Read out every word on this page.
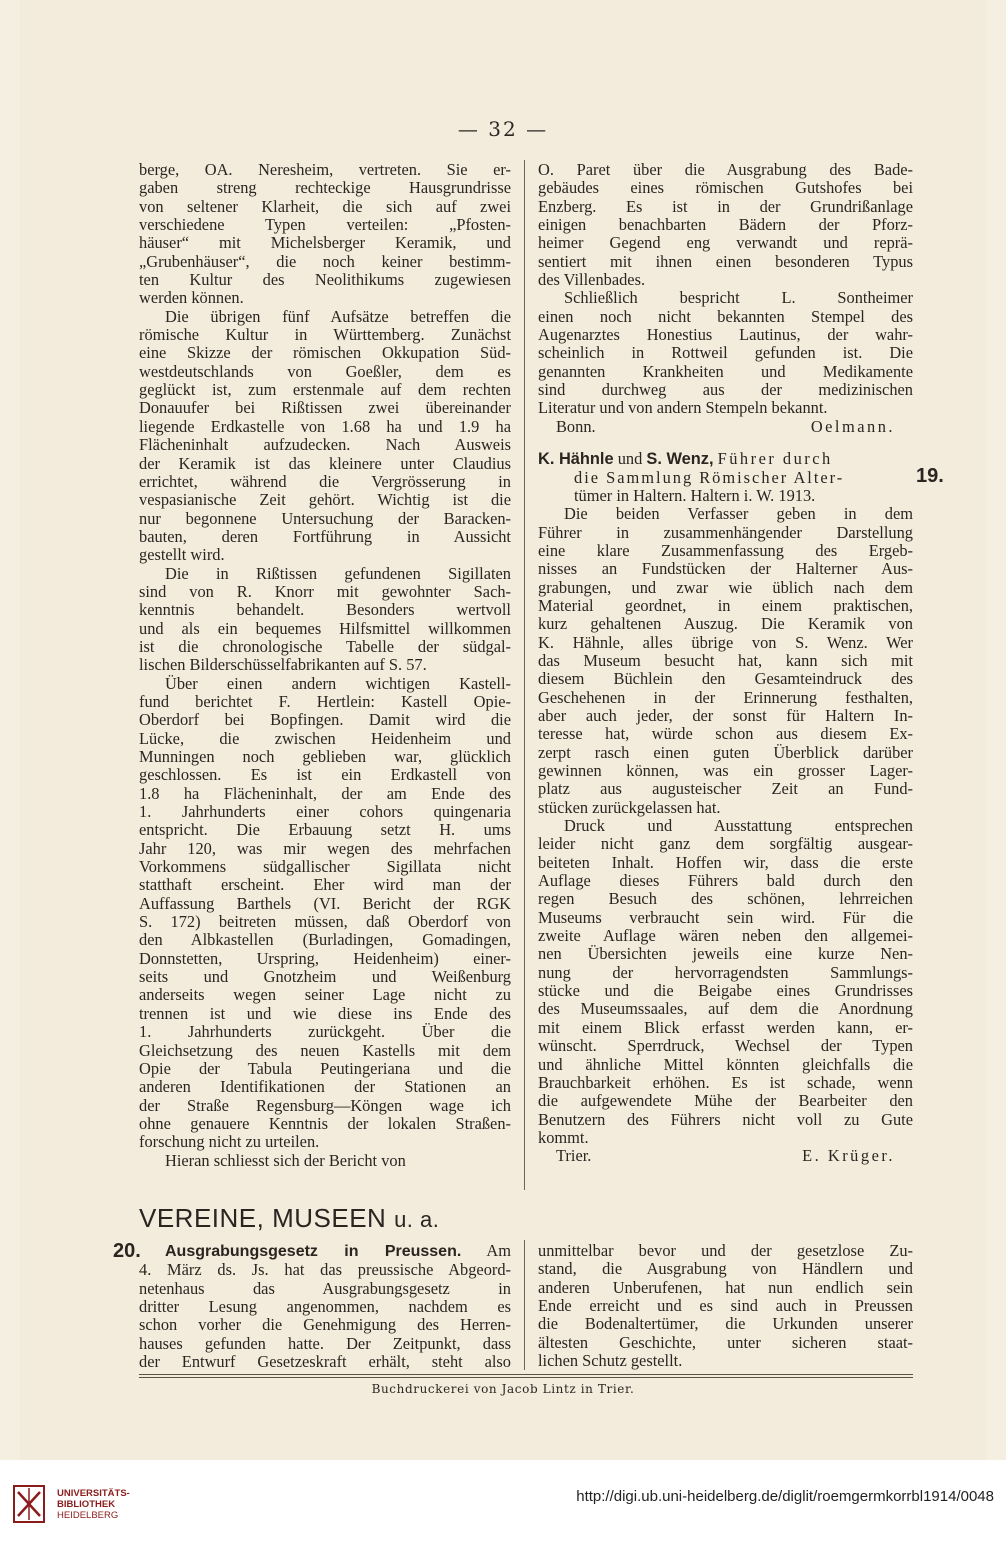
— 32 —
berge, OA. Neresheim, vertreten. Sie er-
gaben streng rechteckige Hausgrundrisse
von seltener Klarheit, die sich auf zwei
verschiedene Typen verteilen: „Pfosten-
häuser“ mit Michelsberger Keramik, und
„Grubenhäuser“, die noch keiner bestimm-
ten Kultur des Neolithikums zugewiesen
werden können.
Die übrigen fünf Aufsätze betreffen die
römische Kultur in Württemberg. Zunächst
eine Skizze der römischen Okkupation Süd-
westdeutschlands von Goeßler, dem es
geglückt ist, zum erstenmale auf dem rechten
Donauufer bei Rißtissen zwei übereinander
liegende Erdkastelle von 1.68 ha und 1.9 ha
Flächeninhalt aufzudecken. Nach Ausweis
der Keramik ist das kleinere unter Claudius
errichtet, während die Vergrösserung in
vespasianische Zeit gehört. Wichtig ist die
nur begonnene Untersuchung der Baracken-
bauten, deren Fortführung in Aussicht
gestellt wird.
Die in Rißtissen gefundenen Sigillaten
sind von R. Knorr mit gewohnter Sach-
kenntnis behandelt. Besonders wertvoll
und als ein bequemes Hilfsmittel willkommen
ist die chronologische Tabelle der südgal-
lischen Bilderschüsselfabrikanten auf S. 57.
Über einen andern wichtigen Kastell-
fund berichtet F. Hertlein: Kastell Opie-
Oberdorf bei Bopfingen. Damit wird die
Lücke, die zwischen Heidenheim und
Munningen noch geblieben war, glücklich
geschlossen. Es ist ein Erdkastell von
1.8 ha Flächeninhalt, der am Ende des
1. Jahrhunderts einer cohors quingenaria
entspricht. Die Erbauung setzt H. ums
Jahr 120, was mir wegen des mehrfachen
Vorkommens südgallischer Sigillata nicht
statthaft erscheint. Eher wird man der
Auffassung Barthels (VI. Bericht der RGK
S. 172) beitreten müssen, daß Oberdorf von
den Albkastellen (Burladingen, Gomadingen,
Donnstetten, Urspring, Heidenheim) einer-
seits und Gnotzheim und Weißenburg
anderseits wegen seiner Lage nicht zu
trennen ist und wie diese ins Ende des
1. Jahrhunderts zurückgeht. Über die
Gleichsetzung des neuen Kastells mit dem
Opie der Tabula Peutingeriana und die
anderen Identifikationen der Stationen an
der Straße Regensburg—Köngen wage ich
ohne genauere Kenntnis der lokalen Straßen-
forschung nicht zu urteilen.
Hieran schliesst sich der Bericht von
O. Paret über die Ausgrabung des Bade-
gebäudes eines römischen Gutshofes bei
Enzberg. Es ist in der Grundrißanlage
einigen benachbarten Bädern der Pforz-
heimer Gegend eng verwandt und reprä-
sentiert mit ihnen einen besonderen Typus
des Villenbades.
Schließlich bespricht L. Sontheimer
einen noch nicht bekannten Stempel des
Augenarztes Honestius Lautinus, der wahr-
scheinlich in Rottweil gefunden ist. Die
genannten Krankheiten und Medikamente
sind durchweg aus der medizinischen
Literatur und von andern Stempeln bekannt.
Bonn.	Oelmann.
K. Hähnle und S. Wenz, Führer durch
die Sammlung Römischer Alter-
tümer in Haltern. Haltern i. W. 1913.
Die beiden Verfasser geben in dem
Führer in zusammenhängender Darstellung
eine klare Zusammenfassung des Ergeb-
nisses an Fundstücken der Halterner Aus-
grabungen, und zwar wie üblich nach dem
Material geordnet, in einem praktischen,
kurz gehaltenen Auszug. Die Keramik von
K. Hähnle, alles übrige von S. Wenz. Wer
das Museum besucht hat, kann sich mit
diesem Büchlein den Gesamteindruck des
Geschehenen in der Erinnerung festhalten,
aber auch jeder, der sonst für Haltern In-
teresse hat, würde schon aus diesem Ex-
zerpt rasch einen guten Überblick darüber
gewinnen können, was ein grosser Lager-
platz aus augusteischer Zeit an Fund-
stücken zurückgelassen hat.
Druck und Ausstattung entsprechen
leider nicht ganz dem sorgfältig ausgear-
beiteten Inhalt. Hoffen wir, dass die erste
Auflage dieses Führers bald durch den
regen Besuch des schönen, lehrreichen
Museums verbraucht sein wird. Für die
zweite Auflage wären neben den allgemei-
nen Übersichten jeweils eine kurze Nen-
nung der hervorragendsten Sammlungs-
stücke und die Beigabe eines Grundrisses
des Museumssaales, auf dem die Anordnung
mit einem Blick erfasst werden kann, er-
wünscht. Sperrdruck, Wechsel der Typen
und ähnliche Mittel könnten gleichfalls die
Brauchbarkeit erhöhen. Es ist schade, wenn
die aufgewendete Mühe der Bearbeiter den
Benutzern des Führers nicht voll zu Gute
kommt.
Trier.	E. Krüger.
19.
VEREINE, MUSEEN u. a.
20.	Ausgrabungsgesetz in Preussen. Am
4. März ds. Js. hat das preussische Abgeord-
netenhaus das Ausgrabungsgesetz in
dritter Lesung angenommen, nachdem es
schon vorher die Genehmigung des Herren-
hauses gefunden hatte. Der Zeitpunkt, dass
der Entwurf Gesetzeskraft erhält, steht also
unmittelbar bevor und der gesetzlose Zu-
stand, die Ausgrabung von Händlern und
anderen Unberufenen, hat nun endlich sein
Ende erreicht und es sind auch in Preussen
die Bodenaltertümer, die Urkunden unserer
ältesten Geschichte, unter sicheren staat-
lichen Schutz gestellt.
Buchdruckerei von Jacob Lintz in Trier.
UNIVERSITÄTS-
BIBLIOTHEK
HEIDELBERG
http://digi.ub.uni-heidelberg.de/diglit/roemgermkorrbl1914/0048
